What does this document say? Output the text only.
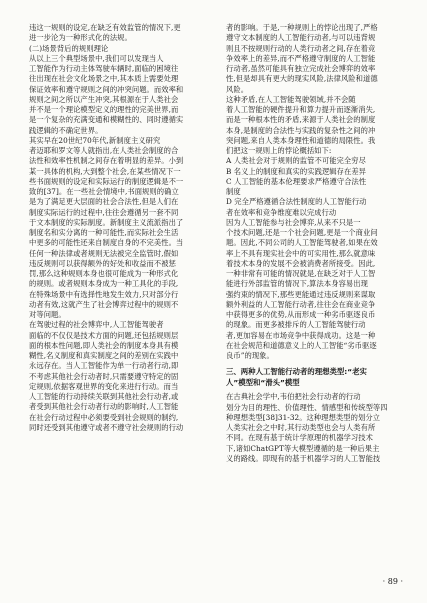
违这一规则的设定,在缺乏有效监管的情况下,更
进一步沦为一种形式化的法规。
(二)场景背后的规则理论
从以上三个典型场景中,我们可以发现当人
工智能作为行动主体驾驶车辆时,面临的困境往
往出现在社会文化场景之中,其本质上需要处理
保证效率和遵守规则之间的冲突问题。而效率和
规则之间之所以产生冲突,其根源在于人类社会
并不是一个理论模型定义的理性的完美世界,而
是一个复杂的充满变通和模糊性的、同时遵循实
践逻辑的不确定世界。
其实早在20世纪70年代,新制度主义研究
者迈耶和罗文等人就指出,在人类社会制度的合
法性和效率性机制之间存在着明显的差异。小到
某一具体的机构,大到整个社会,在某些情况下一
些书面规则的设定和实际运行的制度逻辑是不一
致的[37]。在一些社会情境中,书面规则的确立
是为了满足更大层面的社会合法性,但是人们在
制度实际运行的过程中,往往会遵循另一套不同
于文本制度的实际制度。新制度主义流派指出了
制度名和实分离的一种可能性,而实际社会生活
中更多的可能性还来自制度自身的不完美性。当
任何一种法律或者规则无法被完全监管时,假如
违反规则可以获得额外的好处和收益而不被惩
罚,那么这种规则本身也很可能成为一种形式化
的规则。或者规则本身成为一种工具化的手段,
在特殊场景中有选择性地发生效力,只对部分行
动者有效,这就产生了社会博弈过程中的规则不
对等问题。
在驾驶过程的社会博弈中,人工智能驾驶者
面临的不仅仅是技术方面的问题,还包括规则层
面的根本性问题,即人类社会的制度本身具有模
糊性,名义制度和真实制度之间的差别在实践中
永远存在。当人工智能作为单一行动者行动,即
不考虑其他社会行动者时,只需要遵守特定的固
定规则,依据客观世界的变化来进行行动。而当
人工智能的行动持续关联到其他社会行动者,或
者受到其他社会行动者行动的影响时,人工智能
在社会行动过程中必须要受到社会规则的制约,
同时还受到其他遵守或者不遵守社会规则的行动
者的影响。于是,一种规则上的悖论出现了,严格
遵守文本制度的人工智能行动者,与可以违背规
则且不按规则行动的人类行动者之间,存在着竞
争效率上的差异,而不严格遵守制度的人工智能
行动者,虽然可能具有独立完成社会博弈的效率
性,但是却具有更大的现实风险,法律风险和道德
风险。
这种矛盾,在人工智能驾驶领域,并不会随
着人工智能的硬件提升和算力提升而逐渐消失,
而是一种根本性的矛盾,来源于人类社会的制度
本身,是制度的合法性与实践的复杂性之间的冲
突问题,来自人类本身理性和道德的局限性。我
们把这一规则上的悖论概括如下:
A 人类社会对于规则的监管不可能完全穷尽
B 名义上的制度和真实的实践逻辑存在差异
C 人工智能的基本伦理要求严格遵守合法性
制度
D 完全严格遵循合法性制度的人工智能行动
者在效率和竞争维度难以完成行动
因为人工智能参与社会博弈,从来不只是一
个技术问题,还是一个社会问题,更是一个商业问
题。因此,不同公司的人工智能驾驶者,如果在效
率上不具有现实社会中的可实用性,那么就意味
着技术本身的发展不会被消费者所接受。因此,
一种非常有可能的情况就是,在缺乏对于人工智
能进行外部监管的情况下,算法本身容易出现
强约束的情况下,那些更能通过违反规则来谋取
额外利益的人工智能行动者,往往会在商业竞争
中获得更多的优势,从而形成一种劣币驱逐良币
的现象。而更多被排斥的人工智能驾驶行动
者,更加容易在市场竞争中获得成功。这是一种
在社会规范和道德意义上的人工智能“劣币驱逐
良币”的现象。
三、两种人工智能行动者的理想类型:“老实
人”模型和“滑头”模型
在古典社会学中,韦伯把社会行动者的行动
划分为目的理性、价值理性、情感型和传统型等四
种理想类型[38]31-32。这种理想类型的划分立
人类实社会之中时,其行动类型也会与人类有所
不同。在现有基于统计学原理的机器学习技术
下,诸如ChatGPT等大模型遵循的是一种后果主
义的路线。即现有的基于机器学习的人工智能技
· 89 ·
